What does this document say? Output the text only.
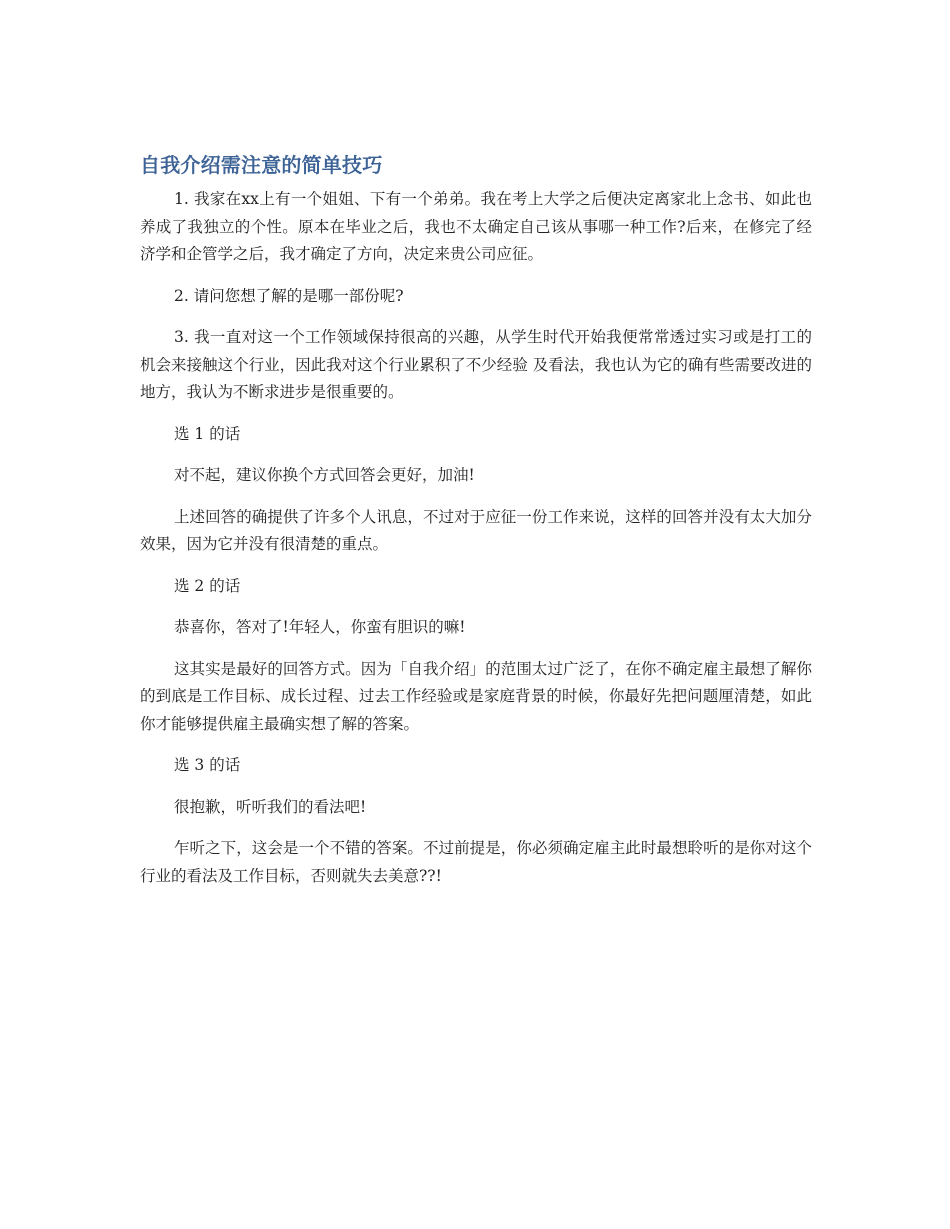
自我介绍需注意的简单技巧

1. 我家在xx上有一个姐姐、下有一个弟弟。我在考上大学之后便决定离家北上念书、如此也养成了我独立的个性。原本在毕业之后，我也不太确定自己该从事哪一种工作?后来，在修完了经济学和企管学之后，我才确定了方向，决定来贵公司应征。

2. 请问您想了解的是哪一部份呢?

3. 我一直对这一个工作领域保持很高的兴趣，从学生时代开始我便常常透过实习或是打工的机会来接触这个行业，因此我对这个行业累积了不少经验 及看法，我也认为它的确有些需要改进的地方，我认为不断求进步是很重要的。

选 1 的话

对不起，建议你换个方式回答会更好，加油!

上述回答的确提供了许多个人讯息，不过对于应征一份工作来说，这样的回答并没有太大加分效果，因为它并没有很清楚的重点。

选 2 的话

恭喜你，答对了!年轻人，你蛮有胆识的嘛!

这其实是最好的回答方式。因为「自我介绍」的范围太过广泛了，在你不确定雇主最想了解你的到底是工作目标、成长过程、过去工作经验或是家庭背景的时候，你最好先把问题厘清楚，如此你才能够提供雇主最确实想了解的答案。

选 3 的话

很抱歉，听听我们的看法吧!

乍听之下，这会是一个不错的答案。不过前提是，你必须确定雇主此时最想聆听的是你对这个行业的看法及工作目标，否则就失去美意??!
